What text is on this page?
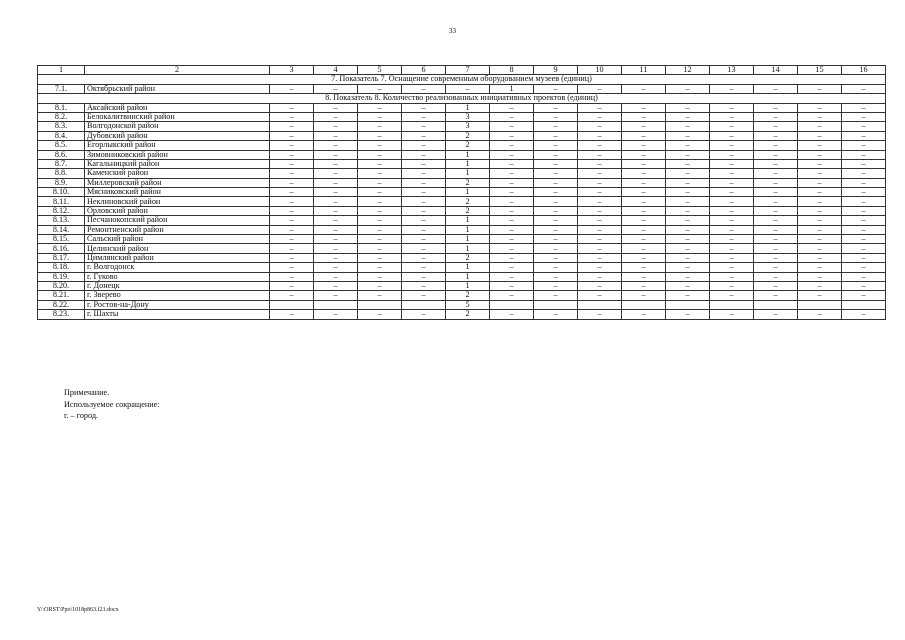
33
1	2	3	4	5	6	7	8	9	10	11	12	13	14	15	16
7. Показатель 7. Оснащение современным оборудованием музеев (единиц)															
7.1.	Октябрьский район	–	–	–	–	–	1	–	–	–	–	–	–	–	–
8. Показатель 8. Количество реализованных инициативных проектов (единиц)															
8.1.	Аксайский район	–	–	–	–	1	–	–	–	–	–	–	–	–	–
8.2.	Белокалитвинский район	–	–	–	–	3	–	–	–	–	–	–	–	–	–
8.3.	Волгодонской район	–	–	–	–	3	–	–	–	–	–	–	–	–	–
8.4.	Дубовский район	–	–	–	–	2	–	–	–	–	–	–	–	–	–
8.5.	Егорлыкский район	–	–	–	–	2	–	–	–	–	–	–	–	–	–
8.6.	Зимовниковский район	–	–	–	–	1	–	–	–	–	–	–	–	–	–
8.7.	Кагальницкий район	–	–	–	–	1	–	–	–	–	–	–	–	–	–
8.8.	Каменский район	–	–	–	–	1	–	–	–	–	–	–	–	–	–
8.9.	Миллеровский район	–	–	–	–	2	–	–	–	–	–	–	–	–	–
8.10.	Мясниковский район	–	–	–	–	1	–	–	–	–	–	–	–	–	–
8.11.	Неклиновский район	–	–	–	–	2	–	–	–	–	–	–	–	–	–
8.12.	Орловский район	–	–	–	–	2	–	–	–	–	–	–	–	–	–
8.13.	Песчанокопский район	–	–	–	–	1	–	–	–	–	–	–	–	–	–
8.14.	Ремонтненский район	–	–	–	–	1	–	–	–	–	–	–	–	–	–
8.15.	Сальский район	–	–	–	–	1	–	–	–	–	–	–	–	–	–
8.16.	Целинский район	–	–	–	–	1	–	–	–	–	–	–	–	–	–
8.17.	Цимлянский район	–	–	–	–	2	–	–	–	–	–	–	–	–	–
8.18.	г. Волгодонск	–	–	–	–	1	–	–	–	–	–	–	–	–	–
8.19.	г. Гуково	–	–	–	–	1	–	–	–	–	–	–	–	–	–
8.20.	г. Донецк	–	–	–	–	1	–	–	–	–	–	–	–	–	–
8.21.	г. Зверево	–	–	–	–	2	–	–	–	–	–	–	–	–	–
8.22.	г. Ростов-на-Дону					5									
8.23.	г. Шахты	–	–	–	–	2	–	–	–	–	–	–	–	–	–
Примечание.
Используемое сокращение:
г. – город.
Y:\ORST\Ppo\1018p863.f21.docx
